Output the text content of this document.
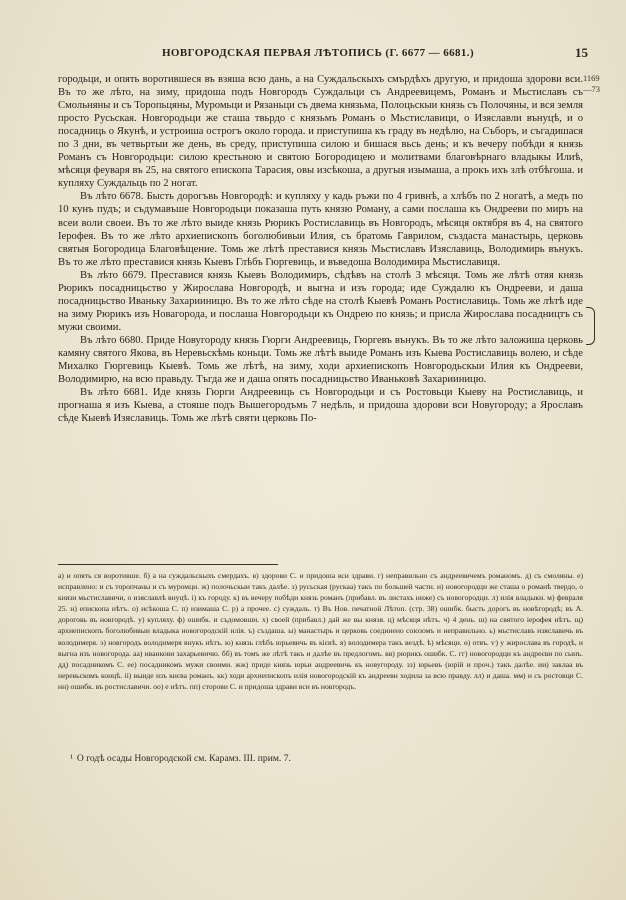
НОВГОРОДСКАЯ ПЕРВАЯ ЛѢТОПИСЬ (Г. 6677 — 6681.)	15
1169
—73

городьци, и опять воротившеся въ взяша всю дань, а на Суждальскыхъ смърдѣхъ другую, и придоша здорови вси. Въ то же лѣто, на зиму, придоша подъ Новгородъ Суждальци съ Андреевицемъ, Романъ и Мьстиславъ съ Смольняны и съ Торопьцяны, Муромьци и Рязаньци съ двема князьма, Полоцьскыи князь съ Полочяны, и вся земля просто Русьская. Новгородьци же сташа твьрдо с князьмъ Романъ о Мьстиславици, о Изяславли вънуцѣ, и о посадниць о Якунѣ, и устроиша острогъ около города. и приступиша къ граду въ недѣлю, на Съборъ, и съгадишася по 3 дни, въ четвьртыи же день, въ среду, приступиша силою и бишася вьсь день; и къ вечеру побѣди я князь Романъ съ Новгородьци: силою крестьною и святою Богородицею и молитвами благовѣрнаго владыкы Илиѣ, мѣсяця феуваря въ 25, на святого епископа Тарасия, овы изсѣкоша, а другыя изымаша, а прокъ ихъ злѣ отбѣгоша. и купляху Суждальць по 2 ногат.

Въ лѣто 6678. Бысть дорогъвь Новгородѣ: и купляху у кадь ръжи по 4 гривнѣ, а хлѣбъ по 2 ногатѣ, а медъ по 10 кунъ пудъ; и съдумавъше Новгородьци показаша путь князю Роману, а сами послаша къ Ондрееви по миръ на всеи воли своеи. Въ то же лѣто выиде князь Рюрикъ Ростиславиць въ Новгородъ, мѣсяця октября въ 4, на святого Іерофея. Въ то же лѣто архиепископъ боголюбивыи Илия, съ братомь Гаврилом, създаста манастырь, церковь святыя Богородица Благовѣщение. Томь же лѣтѣ преставися князь Мьстиславъ Изяславиць, Володимирь вънукъ. Въ то же лѣто преставися князь Кыевъ Глѣбъ Гюргевиць, и въведоша Володимира Мьстиславиця.

Въ лѣто 6679. Преставися князь Кыевъ Володимиръ, сѣдѣвъ на столѣ 3 мѣсяця. Томь же лѣтѣ отяя князь Рюрикъ посадницьство у Жирослава Новгородѣ, и выгна и изъ города; иде Суждалю къ Ондрееви, и даша посадницьство Иваньку Захарииницю. Въ то же лѣто сѣде на столѣ Кыевѣ Романъ Ростиславиць. Томь же лѣтѣ иде на зиму Рюрикъ изъ Новагорода, и послаша Новгородьци къ Ондрею по князь; и присла Жирослава посадництъ съ мужи своими.

Въ лѣто 6680. Приде Новугороду князь Гюрги Андреевиць, Гюргевъ вънукъ. Въ то же лѣто заложиша церковь камяну святого Якова, въ Неревьскѣмь коньци. Томь же лѣтѣ выиде Романъ изъ Кыева Ростиславиць волею, и сѣде Михалко Гюргевиць Кыевѣ. Томь же лѣтѣ, на зиму, ходи архиепископъ Новгородьскыи Илия къ Ондрееви, Володимирю, на всю правьду. Тъгда же и даша опять посадницьство Иваньковѣ Захарииницю.

Въ лѣто 6681. Иде князь Гюрги Андреевиць съ Новгородьци и съ Ростовьци Кыеву на Ростиславиць, и прогнаша я изъ Кыева, а стояше подъ Вышегородъмь 7 недѣль, и придоша здорови вси Новугороду; а Ярославъ сѣде Кыевѣ Изяславиць. Томь же лѣтѣ святи церковь По-

а) и опять ся воротивше. б) а на суждальскыхъ смердахъ. в) здорови С. и придоша вси здрави. г) неправильно съ андреевичемъ романомъ. д) съ смоляны. е) исправлено: и съ торопчаны и съ муромци. ж) полочьскыи такъ далѣе. з) русьская (рускаа) такъ по большей части. и) новогородци же сташа о романѣ твердо, о князи мьстиславичи, о изяславлѣ внуцѣ. і) къ городу. к) въ вечеру побѣди князь романъ (прибавл. въ листахъ ниже) съ новогородци. л) илія владыки. м) февраля 25. н) епископа нѣтъ. о) исѣкоша С. п) изимаша С. р) а прочее. с) суждаль. т) Въ Нов. печатной Лѣтоп. (стр. 38) ошибк. бысть дорогъ въ новѣгородѣ; въ А. дороговь въ новгородѣ. у) купляху. ф) ошибк. и съдомовши. х) своей (прибавл.) дай же вы князя. ц) мѣсяця нѣтъ. ч) 4 день. ш) на святого іерофея нѣтъ. щ) архиепископъ боголюбивыи владыка новогородскій илія. ъ) създаша. ы) манастырь и церковь соединено союзомъ и неправильно. ь) мьстиславъ изяславичь въ володимеря. э) новгородъ володимеря внукъ нѣтъ. ю) князь глѣбъ юрьевичь въ кієвѣ. я) володимера такъ вездѣ. ѣ) мѣсяци. ѳ) отяъ. ѵ) у жирослава въ городѣ, и выгна изъ новогорода. аа) иванкови захарьевичю. бб) въ томъ же лѣтѣ такъ и далѣе въ предлогомъ. вв) рюрикъ ошибк. С. гг) новогородци къ андреєви по сынъ. дд) посадникомъ С. ее) посадникомъ мужи своими. жж) приде князь юрьи андреевичь къ новугороду. зз) юрьевъ (юрій и проч.) такъ далѣе. ии) заклаа въ неревьскомъ концѣ. іі) выиде изъ києва романъ. кк) ходи архиепископъ илія новогородскій къ андрееви ходила за всю правду. лл) и даша. мм) и съ ростовци С. нн) ошибк. въ ростиславичи. оо) е нѣтъ. пп) сторови С. и придоша здрави вси въ новгородъ.

¹ О годѣ осады Новгородской см. Карамз. III. прим. 7.
